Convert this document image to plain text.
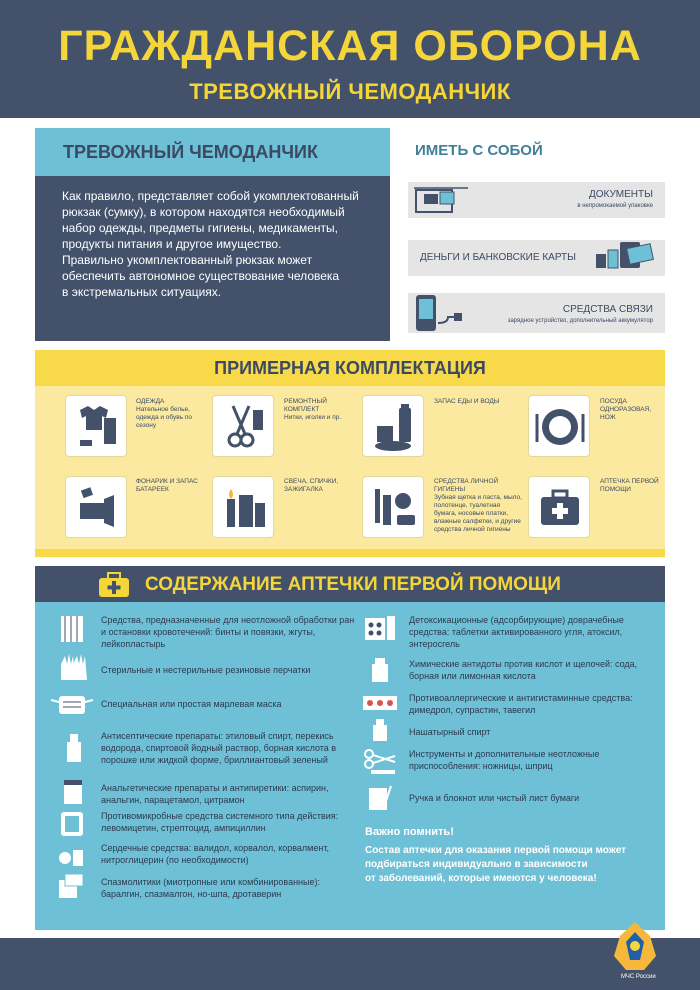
ГРАЖДАНСКАЯ ОБОРОНА
ТРЕВОЖНЫЙ ЧЕМОДАНЧИК
ТРЕВОЖНЫЙ ЧЕМОДАНЧИК
Как правило, представляет собой укомплектованный
рюкзак (сумку), в котором находятся необходимый
набор одежды, предметы гигиены, медикаменты,
продукты питания и другое имущество.
Правильно укомплектованный рюкзак может
обеспечить автономное существование человека
в экстремальных ситуациях.
ИМЕТЬ С СОБОЙ
ДОКУМЕНТЫ
в непромокаемой упаковке
ДЕНЬГИ И БАНКОВСКИЕ КАРТЫ
СРЕДСТВА СВЯЗИ
зарядное устройство, дополнительный аккумулятор
ПРИМЕРНАЯ КОМПЛЕКТАЦИЯ
ОДЕЖДА
Нательное белье, одежда и обувь по сезону
РЕМОНТНЫЙ КОМПЛЕКТ
Нитки, иголки и пр.
ЗАПАС ЕДЫ И ВОДЫ	ПОСУДА ОДНОРАЗОВАЯ, НОЖ
ФОНАРИК И ЗАПАС БАТАРЕЕК
СВЕЧА, СПИЧКИ, ЗАЖИГАЛКА
СРЕДСТВА ЛИЧНОЙ ГИГИЕНЫ
Зубная щетка и паста, мыло, полотенце, туалетная бумага, носовые платки, влажные салфетки, и другие средства личной гигиены
АПТЕЧКА ПЕРВОЙ ПОМОЩИ
СОДЕРЖАНИЕ АПТЕЧКИ ПЕРВОЙ ПОМОЩИ
Средства, предназначенные для неотложной обработки ран и остановки кровотечений: бинты и повязки, жгуты, лейкопластырь
Стерильные и нестерильные резиновые перчатки
Специальная или простая марлевая маска
Антисептические препараты: этиловый спирт, перекись водорода, спиртовой йодный раствор, борная кислота в порошке или жидкой форме, бриллиантовый зеленый
Анальгетические препараты и антипиретики: аспирин, анальгин, парацетамол, цитрамон
Противомикробные средства системного типа действия: левомицетин, стрептоцид, ампициллин
Сердечные средства: валидол, корвалол, корвалмент, нитроглицерин (по необходимости)
Спазмолитики (миотропные или комбинированные): баралгин, спазмалгон, но-шпа, дротаверин
Детоксикационные (адсорбирующие) доврачебные средства: таблетки активированного угля, атоксил, энтеросгель
Химические антидоты против кислот и щелочей: сода, борная или лимонная кислота
Противоаллергические и антигистаминные средства: димедрол, супрастин, тавегил
Нашатырный спирт
Инструменты и дополнительные неотложные приспособления: ножницы, шприц
Ручка и блокнот или чистый лист бумаги
Важно помнить!
Состав аптечки для оказания первой помощи может
подбираться индивидуально в зависимости
от заболеваний, которые имеются у человека!
МЧС России
